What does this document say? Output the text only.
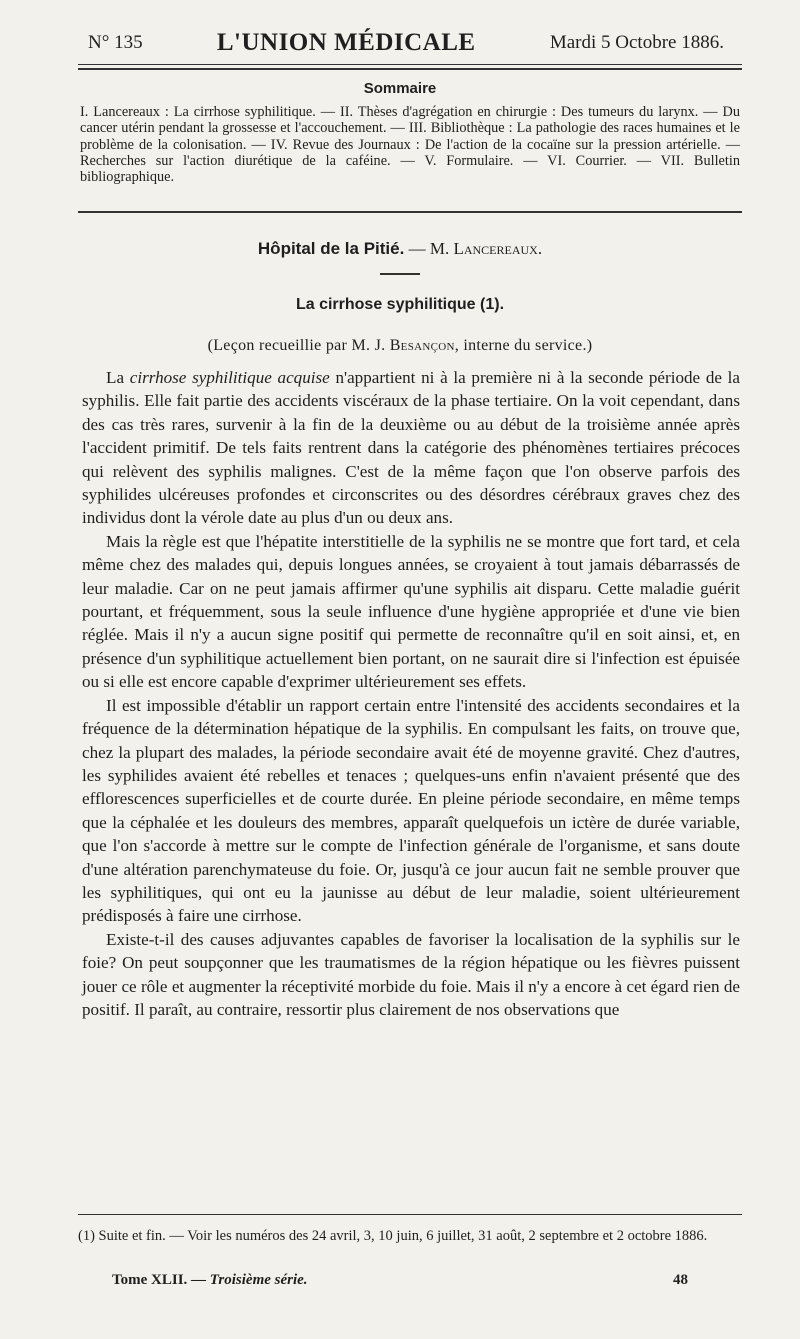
N° 135	L'UNION MÉDICALE	Mardi 5 Octobre 1886.
Sommaire
I. Lancereaux : La cirrhose syphilitique. — II. Thèses d'agrégation en chirurgie : Des tumeurs du larynx. — Du cancer utérin pendant la grossesse et l'accouchement. — III. Bibliothèque : La pathologie des races humaines et le problème de la colonisation. — IV. Revue des Journaux : De l'action de la cocaïne sur la pression artérielle. — Recherches sur l'action diurétique de la caféine. — V. Formulaire. — VI. Courrier. — VII. Bulletin bibliographique.
Hôpital de la Pitié. — M. Lancereaux.
La cirrhose syphilitique (1).
(Leçon recueillie par M. J. Besançon, interne du service.)

La cirrhose syphilitique acquise n'appartient ni à la première ni à la seconde période de la syphilis. Elle fait partie des accidents viscéraux de la phase tertiaire. On la voit cependant, dans des cas très rares, survenir à la fin de la deuxième ou au début de la troisième année après l'accident primitif. De tels faits rentrent dans la catégorie des phénomènes tertiaires précoces qui relèvent des syphilis malignes. C'est de la même façon que l'on observe parfois des syphilides ulcéreuses profondes et circonscrites ou des désordres cérébraux graves chez des individus dont la vérole date au plus d'un ou deux ans.

Mais la règle est que l'hépatite interstitielle de la syphilis ne se montre que fort tard, et cela même chez des malades qui, depuis longues années, se croyaient à tout jamais débarrassés de leur maladie. Car on ne peut jamais affirmer qu'une syphilis ait disparu. Cette maladie guérit pourtant, et fréquemment, sous la seule influence d'une hygiène appropriée et d'une vie bien réglée. Mais il n'y a aucun signe positif qui permette de reconnaître qu'il en soit ainsi, et, en présence d'un syphilitique actuellement bien portant, on ne saurait dire si l'infection est épuisée ou si elle est encore capable d'exprimer ultérieurement ses effets.

Il est impossible d'établir un rapport certain entre l'intensité des accidents secondaires et la fréquence de la détermination hépatique de la syphilis. En compulsant les faits, on trouve que, chez la plupart des malades, la période secondaire avait été de moyenne gravité. Chez d'autres, les syphilides avaient été rebelles et tenaces ; quelques-uns enfin n'avaient présenté que des efflorescences superficielles et de courte durée. En pleine période secondaire, en même temps que la céphalée et les douleurs des membres, apparaît quelquefois un ictère de durée variable, que l'on s'accorde à mettre sur le compte de l'infection générale de l'organisme, et sans doute d'une altération parenchymateuse du foie. Or, jusqu'à ce jour aucun fait ne semble prouver que les syphilitiques, qui ont eu la jaunisse au début de leur maladie, soient ultérieurement prédisposés à faire une cirrhose.

Existe-t-il des causes adjuvantes capables de favoriser la localisation de la syphilis sur le foie? On peut soupçonner que les traumatismes de la région hépatique ou les fièvres puissent jouer ce rôle et augmenter la réceptivité morbide du foie. Mais il n'y a encore à cet égard rien de positif. Il paraît, au contraire, ressortir plus clairement de nos observations que

(1) Suite et fin. — Voir les numéros des 24 avril, 3, 10 juin, 6 juillet, 31 août, 2 septembre et 2 octobre 1886.
Tome XLII. — Troisième série.	48
